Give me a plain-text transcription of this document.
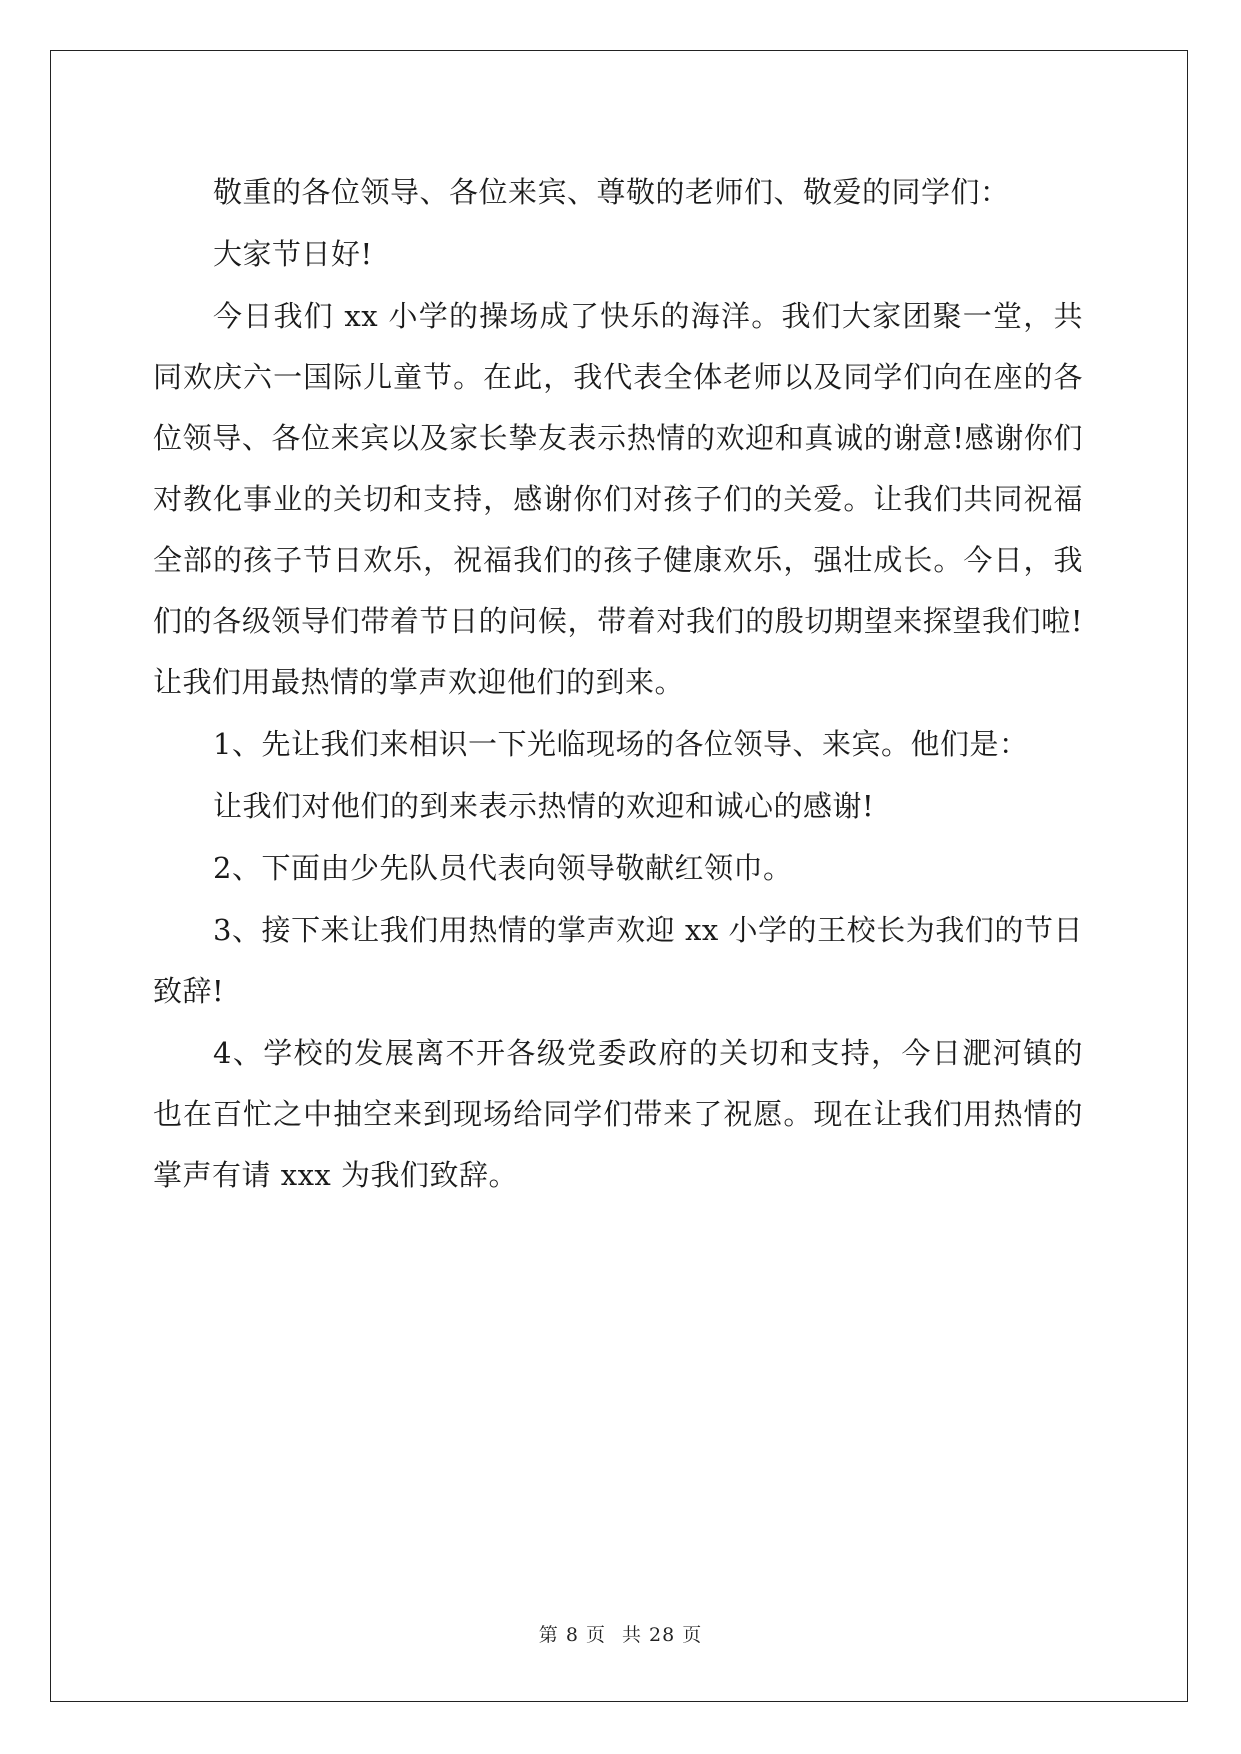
敬重的各位领导、各位来宾、尊敬的老师们、敬爱的同学们：

大家节日好!

今日我们 xx 小学的操场成了快乐的海洋。我们大家团聚一堂，共同欢庆六一国际儿童节。在此，我代表全体老师以及同学们向在座的各位领导、各位来宾以及家长挚友表示热情的欢迎和真诚的谢意!感谢你们对教化事业的关切和支持，感谢你们对孩子们的关爱。让我们共同祝福全部的孩子节日欢乐，祝福我们的孩子健康欢乐，强壮成长。今日，我们的各级领导们带着节日的问候，带着对我们的殷切期望来探望我们啦!让我们用最热情的掌声欢迎他们的到来。

1、先让我们来相识一下光临现场的各位领导、来宾。他们是：

让我们对他们的到来表示热情的欢迎和诚心的感谢!

2、下面由少先队员代表向领导敬献红领巾。

3、接下来让我们用热情的掌声欢迎 xx 小学的王校长为我们的节日致辞!

4、学校的发展离不开各级党委政府的关切和支持，今日淝河镇的也在百忙之中抽空来到现场给同学们带来了祝愿。现在让我们用热情的掌声有请 xxx 为我们致辞。

第 8 页 共 28 页
